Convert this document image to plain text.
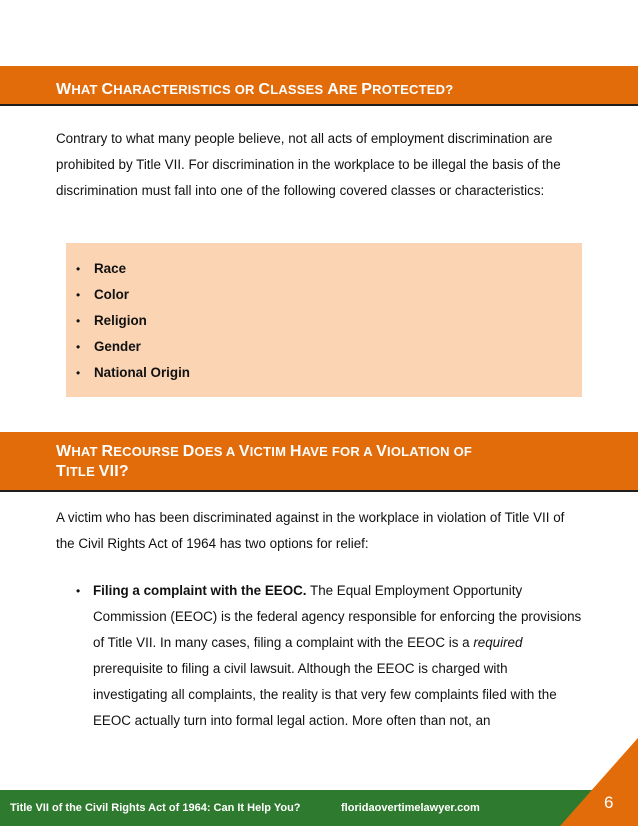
WHAT CHARACTERISTICS OR CLASSES ARE PROTECTED?

Contrary to what many people believe, not all acts of employment discrimination are prohibited by Title VII. For discrimination in the workplace to be illegal the basis of the discrimination must fall into one of the following covered classes or characteristics:

• Race
• Color
• Religion
• Gender
• National Origin
WHAT RECOURSE DOES A VICTIM HAVE FOR A VIOLATION OF
TITLE VII?

A victim who has been discriminated against in the workplace in violation of Title VII of the Civil Rights Act of 1964 has two options for relief:

• Filing a complaint with the EEOC. The Equal Employment Opportunity Commission (EEOC) is the federal agency responsible for enforcing the provisions of Title VII. In many cases, filing a complaint with the EEOC is a required prerequisite to filing a civil lawsuit. Although the EEOC is charged with investigating all complaints, the reality is that very few complaints filed with the EEOC actually turn into formal legal action. More often than not, an
Title VII of the Civil Rights Act of 1964: Can It Help You?	floridaovertimelawyer.com	6
